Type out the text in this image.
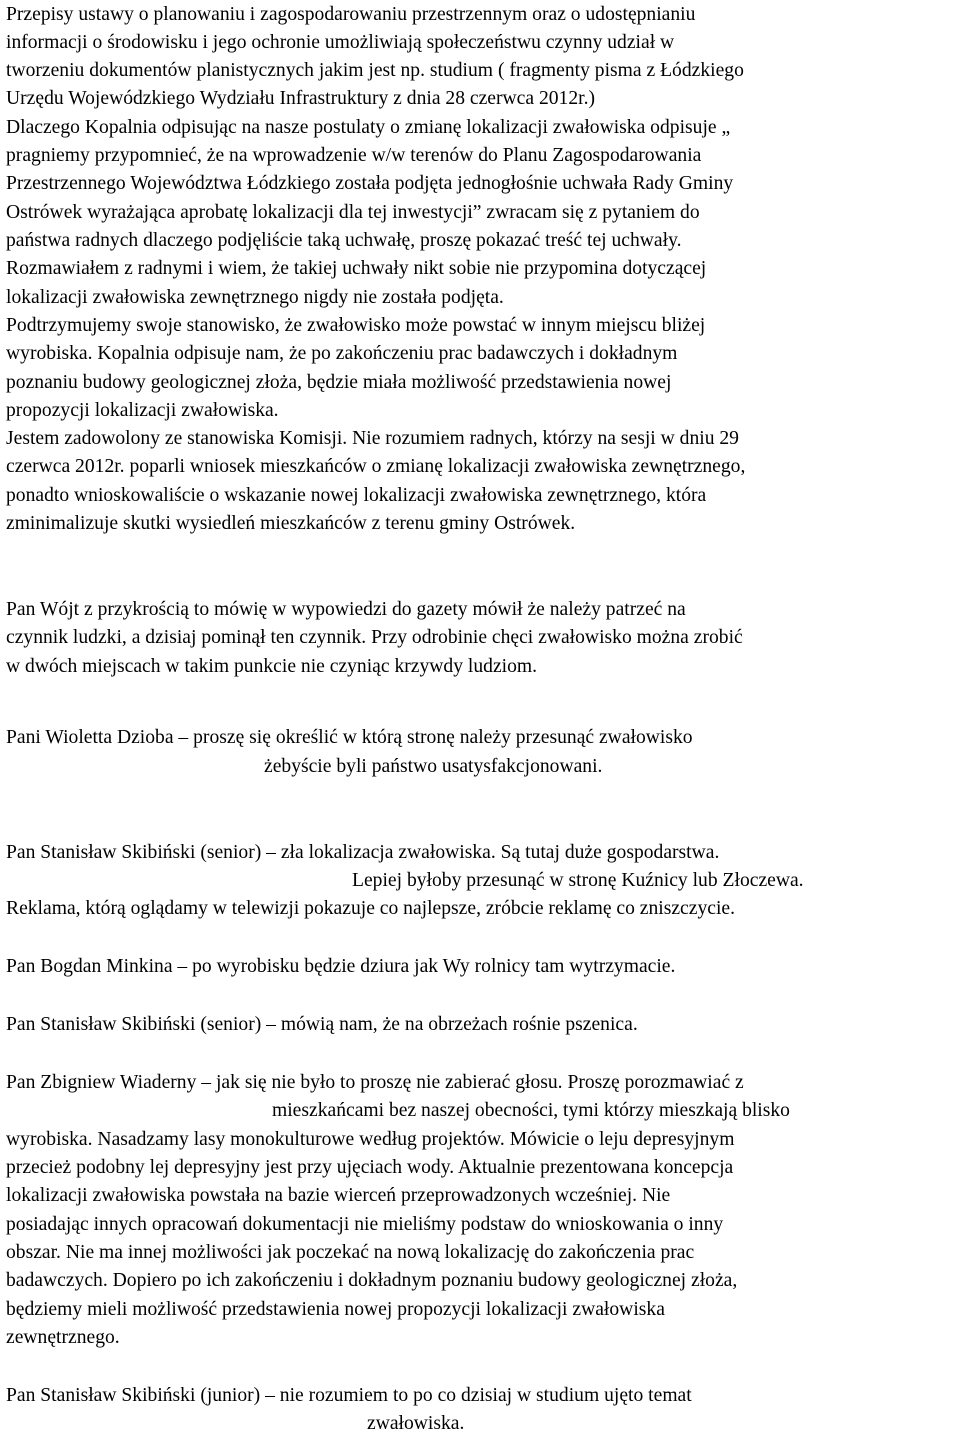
Przepisy ustawy o planowaniu i zagospodarowaniu przestrzennym oraz o udostępnianiu
informacji o środowisku i jego ochronie umożliwiają społeczeństwu czynny udział w
tworzeniu dokumentów planistycznych jakim jest np. studium ( fragmenty pisma z Łódzkiego
Urzędu Wojewódzkiego Wydziału Infrastruktury z dnia 28 czerwca 2012r.)
Dlaczego Kopalnia odpisując na nasze postulaty o zmianę lokalizacji zwałowiska odpisuje „
pragniemy przypomnieć, że na wprowadzenie w/w terenów do Planu Zagospodarowania
Przestrzennego Województwa Łódzkiego została podjęta jednogłośnie uchwała Rady Gminy
Ostrówek wyrażająca aprobatę lokalizacji dla tej inwestycji” zwracam się z pytaniem do
państwa radnych dlaczego podjęliście taką uchwałę, proszę pokazać treść tej uchwały.
Rozmawiałem z radnymi i wiem, że takiej uchwały nikt sobie nie przypomina dotyczącej
lokalizacji zwałowiska zewnętrznego nigdy nie została podjęta.
Podtrzymujemy swoje stanowisko, że zwałowisko może powstać w innym miejscu bliżej
wyrobiska. Kopalnia odpisuje nam, że po zakończeniu prac badawczych i dokładnym
poznaniu budowy geologicznej złoża, będzie miała możliwość przedstawienia nowej
propozycji lokalizacji zwałowiska.
Jestem zadowolony ze stanowiska Komisji. Nie rozumiem radnych, którzy na sesji w dniu 29
czerwca 2012r. poparli wniosek mieszkańców o zmianę lokalizacji zwałowiska zewnętrznego,
ponadto wnioskowaliście o wskazanie nowej lokalizacji zwałowiska zewnętrznego, która
zminimalizuje skutki wysiedleń mieszkańców z terenu gminy Ostrówek.
Pan Wójt z przykrością to mówię w wypowiedzi do gazety mówił że należy patrzeć na
czynnik ludzki, a dzisiaj pominął ten czynnik. Przy odrobinie chęci zwałowisko można zrobić
w dwóch miejscach w takim punkcie nie czyniąc krzywdy ludziom.
Pani Wioletta Dzioba – proszę się określić w którą stronę należy przesunąć zwałowisko
żebyście byli państwo usatysfakcjonowani.
Pan Stanisław Skibiński (senior) – zła lokalizacja zwałowiska. Są tutaj duże gospodarstwa.
Lepiej byłoby przesunąć w stronę Kuźnicy lub Złoczewa.
Reklama, którą oglądamy w telewizji pokazuje co najlepsze, zróbcie reklamę co zniszczycie.
Pan Bogdan Minkina – po wyrobisku będzie dziura jak Wy rolnicy tam wytrzymacie.
Pan Stanisław Skibiński (senior) – mówią nam, że na obrzeżach rośnie pszenica.
Pan Zbigniew Wiaderny – jak się nie było to proszę nie zabierać głosu. Proszę porozmawiać z
mieszkańcami bez naszej obecności, tymi którzy mieszkają blisko
wyrobiska. Nasadzamy lasy monokulturowe według projektów. Mówicie o leju depresyjnym
przecież podobny lej depresyjny jest przy ujęciach wody. Aktualnie prezentowana koncepcja
lokalizacji zwałowiska powstała na bazie wierceń przeprowadzonych wcześniej. Nie
posiadając innych opracowań dokumentacji nie mieliśmy podstaw do wnioskowania o inny
obszar. Nie ma innej możliwości jak poczekać na nową lokalizację do zakończenia prac
badawczych. Dopiero po ich zakończeniu i dokładnym poznaniu budowy geologicznej złoża,
będziemy mieli możliwość przedstawienia nowej propozycji lokalizacji zwałowiska
zewnętrznego.
Pan Stanisław Skibiński (junior) – nie rozumiem to po co dzisiaj w studium ujęto temat
zwałowiska.
